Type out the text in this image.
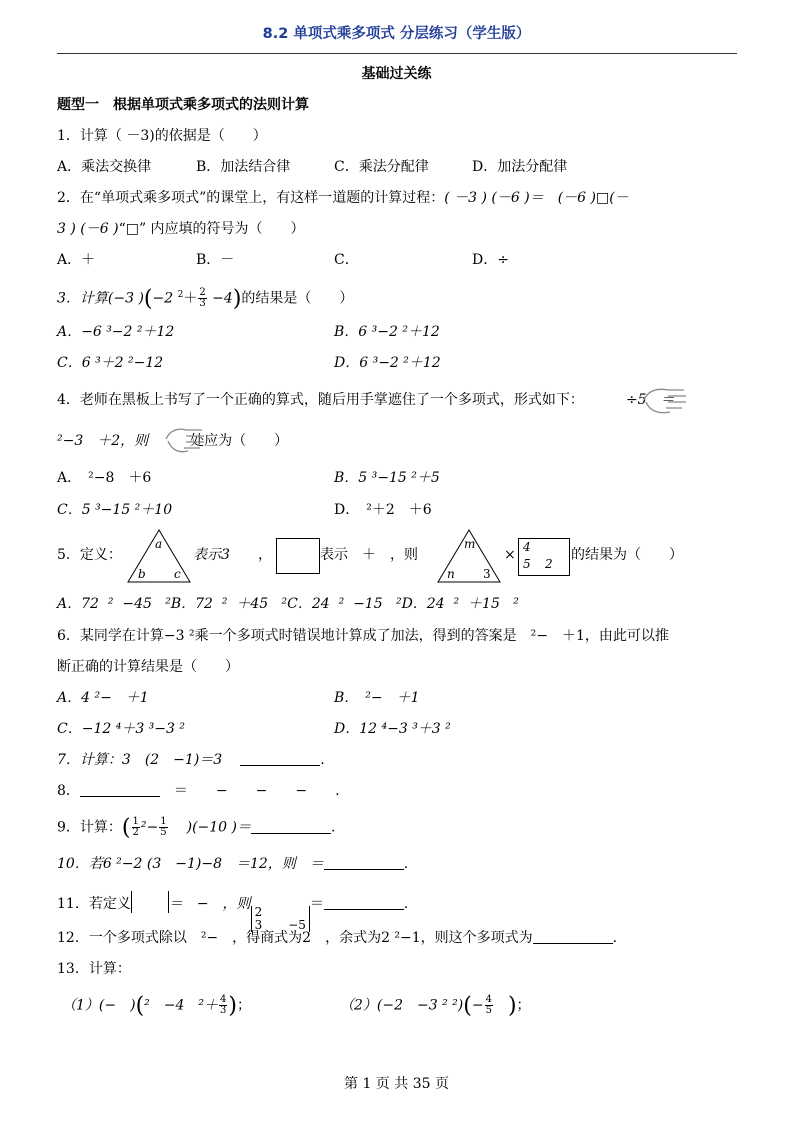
8.2 单项式乘多项式 分层练习（学生版）
基础过关练
题型一　根据单项式乘多项式的法则计算
1．计算（ －3)的依据是（　　）
A．乘法交换律	B．加法结合律	C．乘法分配律	D．加法分配律
2．在“单项式乘多项式”的课堂上，有这样一道题的计算过程：( －3 ) (－6 )＝　(－6 )□(－
3 ) (－6 )“□” 内应填的符号为（　　）
A．＋	B．－	C．	D．÷
3．计算(−3 )(−2 $^2+ \frac{2}{3} -4$)的结果是（　　）
A．−6 ³−2 ²＋12	B．6 ³−2 ²＋12
C．6 ³＋2 ²−12	D．6 ³−2 ²＋12
4．老师在黑板上书写了一个正确的算式，随后用手掌遮住了一个多项式，形式如下：	÷5　＝
²−3　＋2，则	处应为（　　）
A．　²−8　＋6	B．5 ³−15 ²＋5
C．5 ³−15 ²＋10	D．　²＋2　＋6
5．定义：
a
b c
表示3 ，	表示　＋　，则
m
n 3
× 4
5 2
的结果为（　　）
A．72  ²  −45   ²B．72  ²  ＋45   ²C．24  ²  −15   ²D．24  ²  ＋15   ²
6．某同学在计算−3 ²乘一个多项式时错误地计算成了加法，得到的答案是　²−　＋1，由此可以推
断正确的计算结果是（　　）
A．4 ²−　＋1	B．　²−　＋1
C．−12 ⁴＋3 ³−3 ²	D．12 ⁴−3 ³＋3 ²
7．计算：3　(2　−1)＝3	.
8．	　＝　　−　　−　　−　　.
9．计算：( $\frac{1}{2} ^2- \frac{1}{5} )(-10$ )＝	.
10．若6 ²−2 (3　−1)−8　＝12，则　＝	.
11．若定义	＝　−　，则 2
3 −5＝	.
12．一个多项式除以　²−　，得商式为2　，余式为2 ²−1，则这个多项式为	.
13．计算：
（1）(−　)(²　−4　$^2+ \frac{4}{3}$ )；	（2）(−2　−3 ² $^2)(- \frac{4}{5}$ )；
第 1 页 共 35 页
